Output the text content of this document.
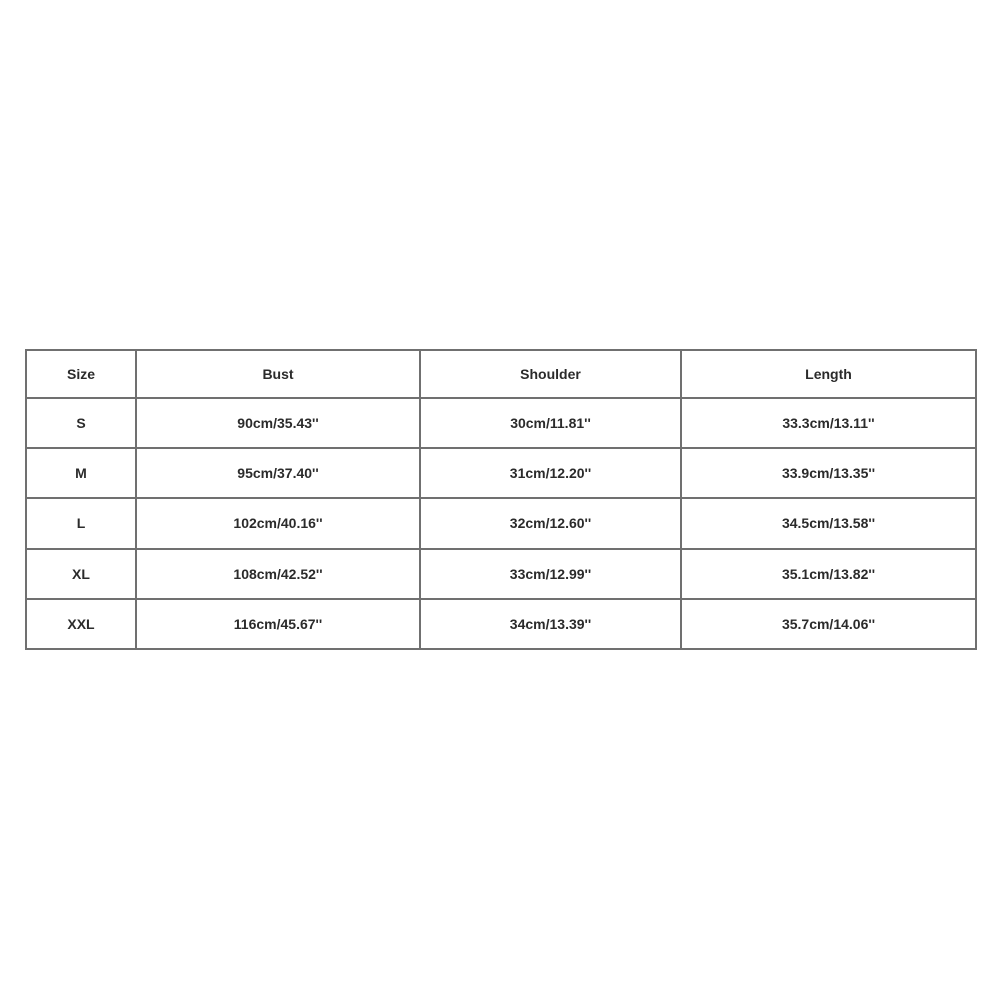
Size	Bust	Shoulder	Length
S	90cm/35.43''	30cm/11.81''	33.3cm/13.11''
M	95cm/37.40''	31cm/12.20''	33.9cm/13.35''
L	102cm/40.16''	32cm/12.60''	34.5cm/13.58''
XL	108cm/42.52''	33cm/12.99''	35.1cm/13.82''
XXL	116cm/45.67''	34cm/13.39''	35.7cm/14.06''
